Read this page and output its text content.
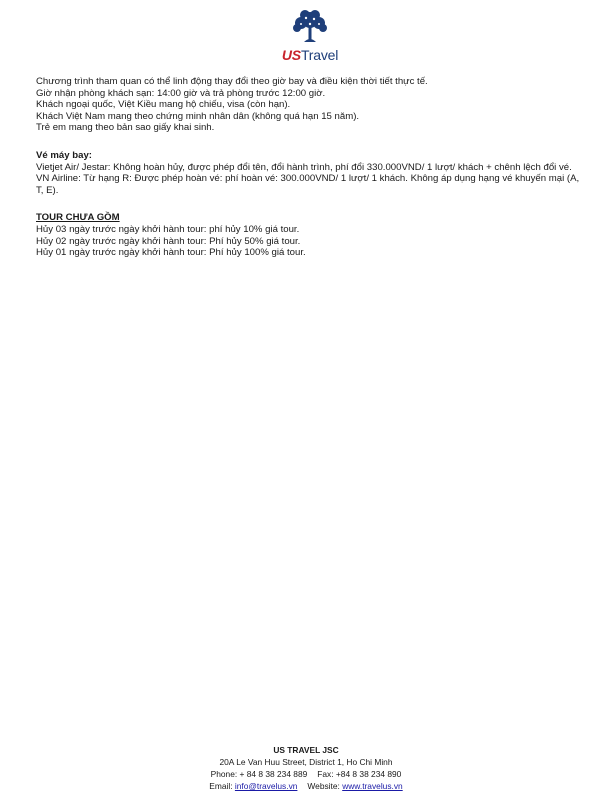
USTravel

Chương trình tham quan có thể linh động thay đổi theo giờ bay và điều kiện thời tiết thực tế.

Giờ nhận phòng khách sạn: 14:00 giờ và trả phòng trước 12:00 giờ.

Khách ngoại quốc, Việt Kiều mang hộ chiếu, visa (còn hạn).

Khách Việt Nam mang theo chứng minh nhân dân (không quá hạn 15 năm).

Trẻ em mang theo bản sao giấy khai sinh.

Vé máy bay:

Vietjet Air/ Jestar: Không hoàn hủy, được phép đổi tên, đổi hành trình, phí đổi 330.000VND/ 1 lượt/ khách + chênh lệch đổi vé.

VN Airline: Từ hạng R: Được phép hoàn vé: phí hoàn vé: 300.000VND/ 1 lượt/ 1 khách. Không áp dụng hạng vé khuyến mại (A, T, E).

TOUR CHƯA GỒM

Hủy 03 ngày trước ngày khởi hành tour: phí hủy 10% giá tour.

Hủy 02 ngày trước ngày khởi hành tour: Phí hủy 50% giá tour.

Hủy 01 ngày trước ngày khởi hành tour: Phí hủy 100% giá tour.

US TRAVEL JSC
20A Le Van Huu Street, District 1, Ho Chi Minh
Phone: + 84 8 38 234 889 Fax: +84 8 38 234 890
Email: info@travelus.vn Website: www.travelus.vn
